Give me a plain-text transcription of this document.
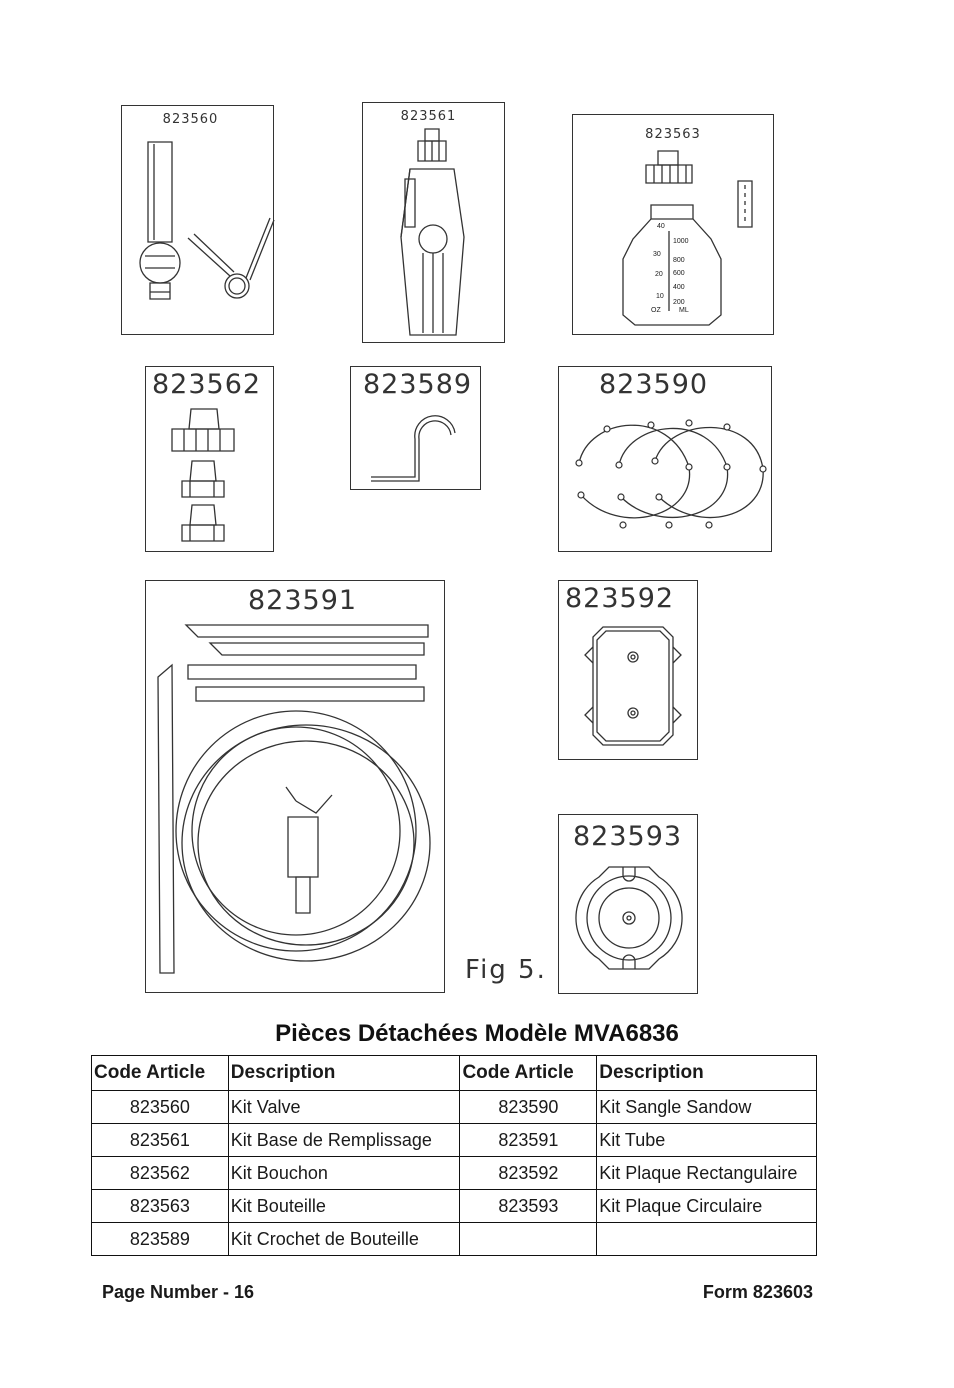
823560	823561
823563
40
30
20
10
OZ
1000
800
600
400
200
ML
823562	823589	823590
823591	823592
823593
Fig 5.
Pièces Détachées Modèle MVA6836
Code Article	Description	Code Article	Description
823560	Kit Valve	823590	Kit Sangle Sandow
823561	Kit Base de Remplissage	823591	Kit Tube
823562	Kit Bouchon	823592	Kit Plaque Rectangulaire
823563	Kit Bouteille	823593	Kit Plaque Circulaire
823589	Kit Crochet de Bouteille		
Page Number - 16	Form 823603
